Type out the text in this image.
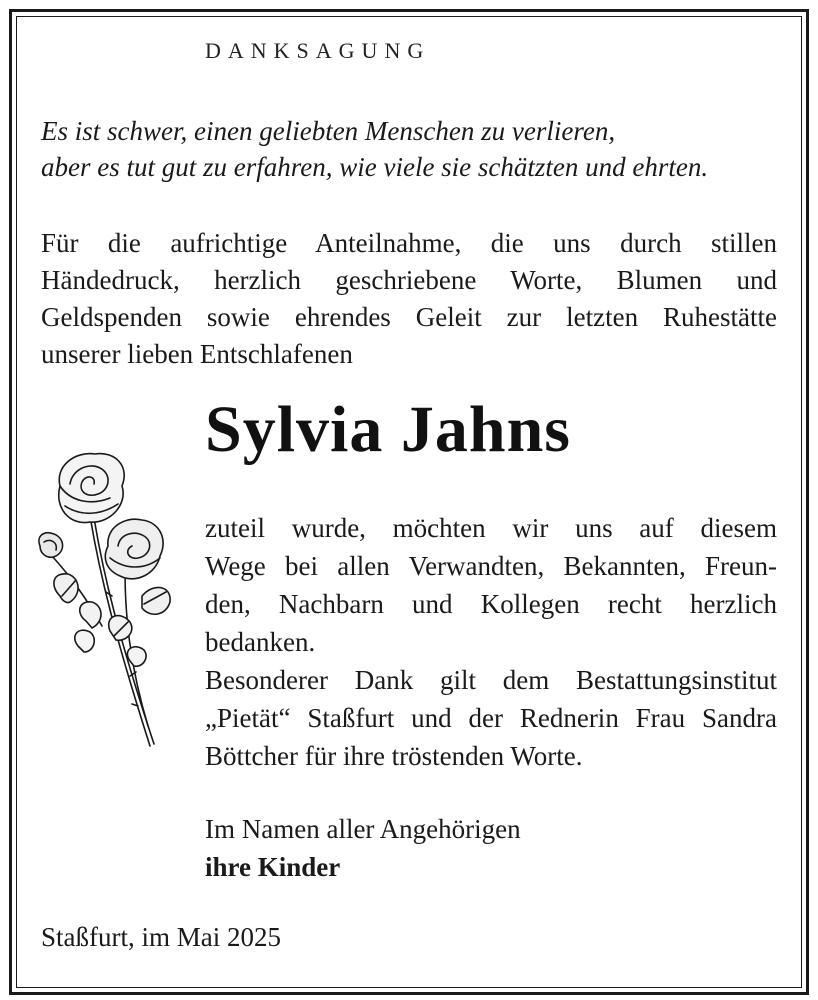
DANKSAGUNG
Es ist schwer, einen geliebten Menschen zu verlieren,
aber es tut gut zu erfahren, wie viele sie schätzten und ehrten.
Für die aufrichtige Anteilnahme, die uns durch stillen
Händedruck, herzlich geschriebene Worte, Blumen und
Geldspenden sowie ehrendes Geleit zur letzten Ruhestätte
unserer lieben Entschlafenen
Sylvia Jahns
zuteil wurde, möchten wir uns auf diesem
Wege bei allen Verwandten, Bekannten, Freun-
den, Nachbarn und Kollegen recht herzlich
bedanken.
Besonderer Dank gilt dem Bestattungsinstitut
„Pietät“ Staßfurt und der Rednerin Frau Sandra
Böttcher für ihre tröstenden Worte.
Im Namen aller Angehörigen
ihre Kinder
Staßfurt, im Mai 2025
